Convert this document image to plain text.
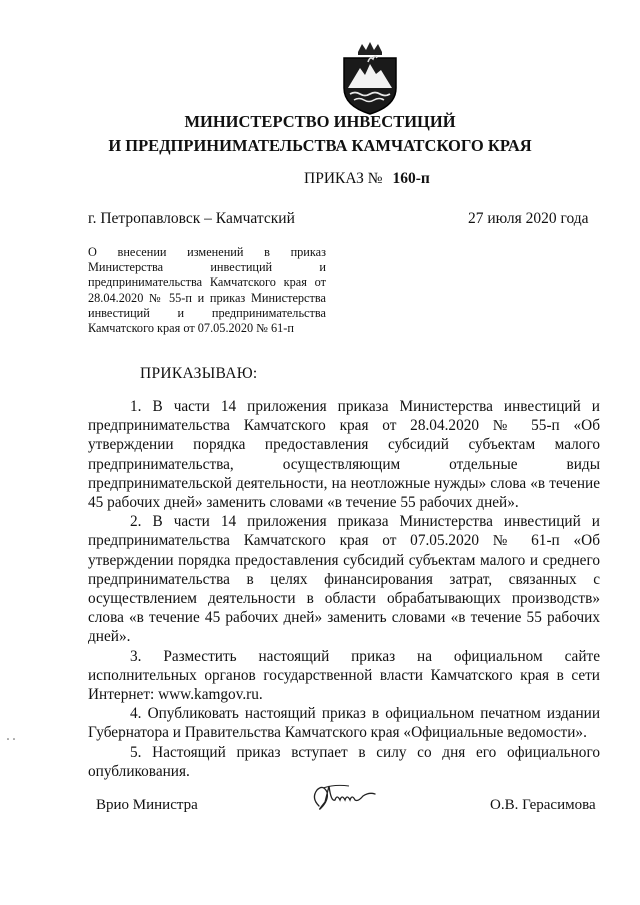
МИНИСТЕРСТВО ИНВЕСТИЦИЙ
И ПРЕДПРИНИМАТЕЛЬСТВА КАМЧАТСКОГО КРАЯ
ПРИКАЗ № 160-п
г. Петропавловск – Камчатский	27 июля 2020 года
О внесении изменений в приказ Министерства инвестиций и предпринимательства Камчатского края от 28.04.2020 № 55-п и приказ Министерства инвестиций и предпринимательства Камчатского края от 07.05.2020 № 61-п
ПРИКАЗЫВАЮ:

1. В части 14 приложения приказа Министерства инвестиций и предпринимательства Камчатского края от 28.04.2020 № 55-п «Об утверждении порядка предоставления субсидий субъектам малого предпринимательства, осуществляющим отдельные виды предпринимательской деятельности, на неотложные нужды» слова «в течение 45 рабочих дней» заменить словами «в течение 55 рабочих дней».

2. В части 14 приложения приказа Министерства инвестиций и предпринимательства Камчатского края от 07.05.2020 № 61-п «Об утверждении порядка предоставления субсидий субъектам малого и среднего предпринимательства в целях финансирования затрат, связанных с осуществлением деятельности в области обрабатывающих производств» слова «в течение 45 рабочих дней» заменить словами «в течение 55 рабочих дней».

3. Разместить настоящий приказ на официальном сайте исполнительных органов государственной власти Камчатского края в сети Интернет: www.kamgov.ru.

4. Опубликовать настоящий приказ в официальном печатном издании Губернатора и Правительства Камчатского края «Официальные ведомости».

5. Настоящий приказ вступает в силу со дня его официального опубликования.

Врио Министра	О.В. Герасимова
